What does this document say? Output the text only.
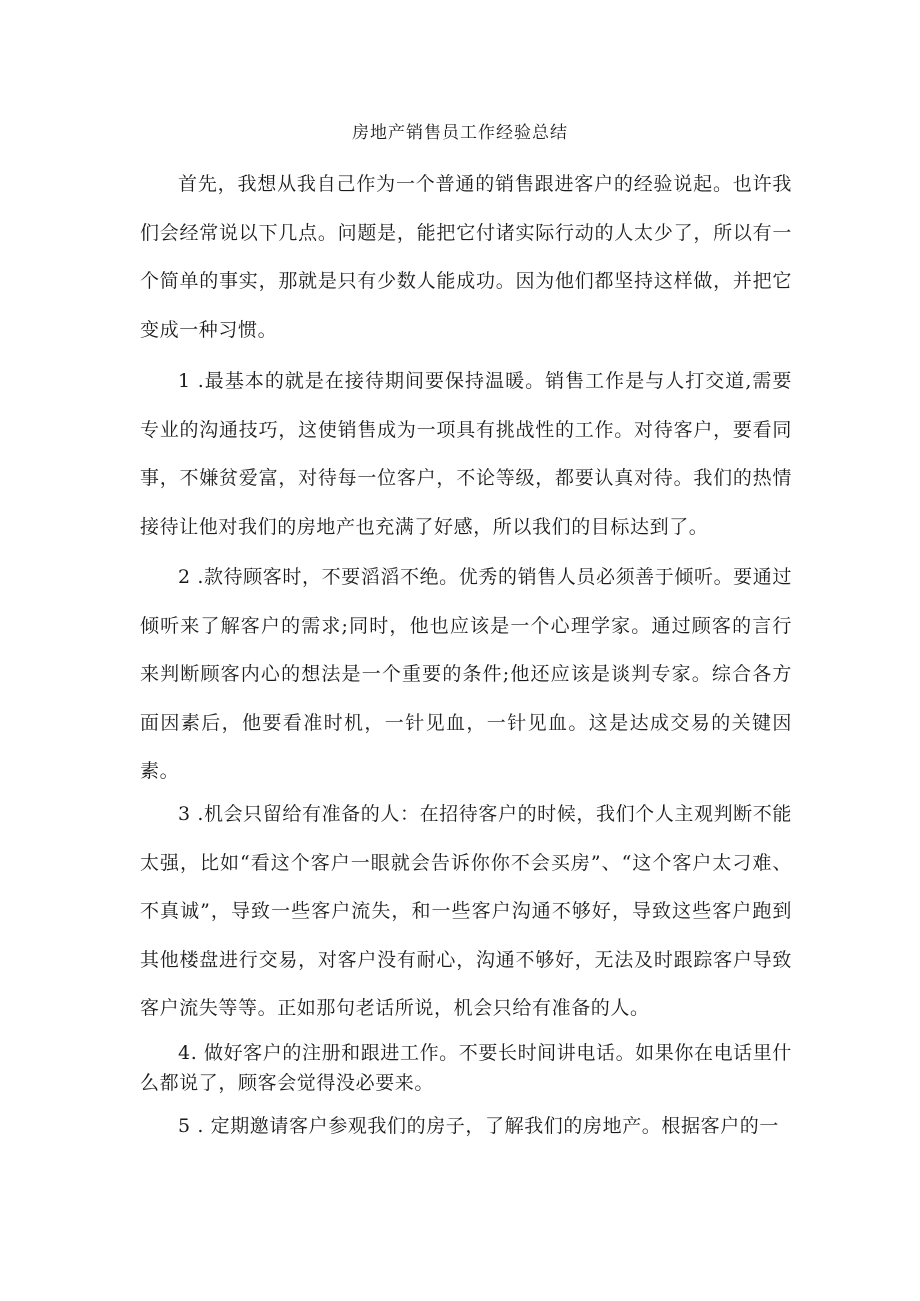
房地产销售员工作经验总结

首先，我想从我自己作为一个普通的销售跟进客户的经验说起。也许我们会经常说以下几点。问题是，能把它付诸实际行动的人太少了，所以有一个简单的事实，那就是只有少数人能成功。因为他们都坚持这样做，并把它变成一种习惯。

1 .最基本的就是在接待期间要保持温暖。销售工作是与人打交道,需要专业的沟通技巧，这使销售成为一项具有挑战性的工作。对待客户，要看同事，不嫌贫爱富，对待每一位客户，不论等级，都要认真对待。我们的热情接待让他对我们的房地产也充满了好感，所以我们的目标达到了。

2 .款待顾客时，不要滔滔不绝。优秀的销售人员必须善于倾听。要通过倾听来了解客户的需求;同时，他也应该是一个心理学家。通过顾客的言行来判断顾客内心的想法是一个重要的条件;他还应该是谈判专家。综合各方面因素后，他要看准时机，一针见血，一针见血。这是达成交易的关键因素。

3 .机会只留给有准备的人：在招待客户的时候，我们个人主观判断不能太强，比如“看这个客户一眼就会告诉你你不会买房”、“这个客户太刁难、不真诚”，导致一些客户流失，和一些客户沟通不够好，导致这些客户跑到其他楼盘进行交易，对客户没有耐心，沟通不够好，无法及时跟踪客户导致客户流失等等。正如那句老话所说，机会只给有准备的人。

4. 做好客户的注册和跟进工作。不要长时间讲电话。如果你在电话里什么都说了，顾客会觉得没必要来。

5 . 定期邀请客户参观我们的房子，了解我们的房地产。根据客户的一
